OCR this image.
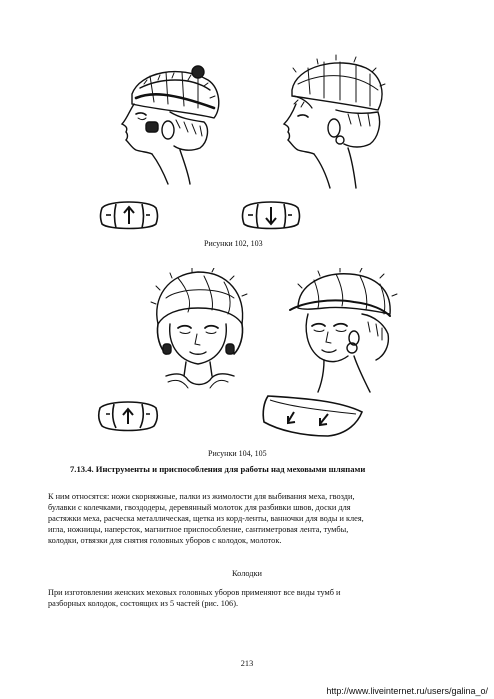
Рисунки 102, 103
Рисунки 104, 105
7.13.4. Инструменты и приспособления для работы над меховыми шляпами
К ним относятся: ножи скорняжные, палки из жимолости для выбивания меха, гвозди,
булавки с колечками, гвоздодеры, деревянный молоток для разбивки швов, доски для
растяжки меха, расческа металлическая, щетка из корд-ленты, ванночки для воды и клея,
игла, ножницы, наперсток, магнитное приспособление, сантиметровая лента, тумбы,
колодки, отвязки для снятия головных уборов с колодок, молоток.
Колодки
При изготовлении женских меховых головных уборов применяют все виды тумб и
разборных колодок, состоящих из 5 частей (рис. 106).
213
http://www.liveinternet.ru/users/galina_o/
